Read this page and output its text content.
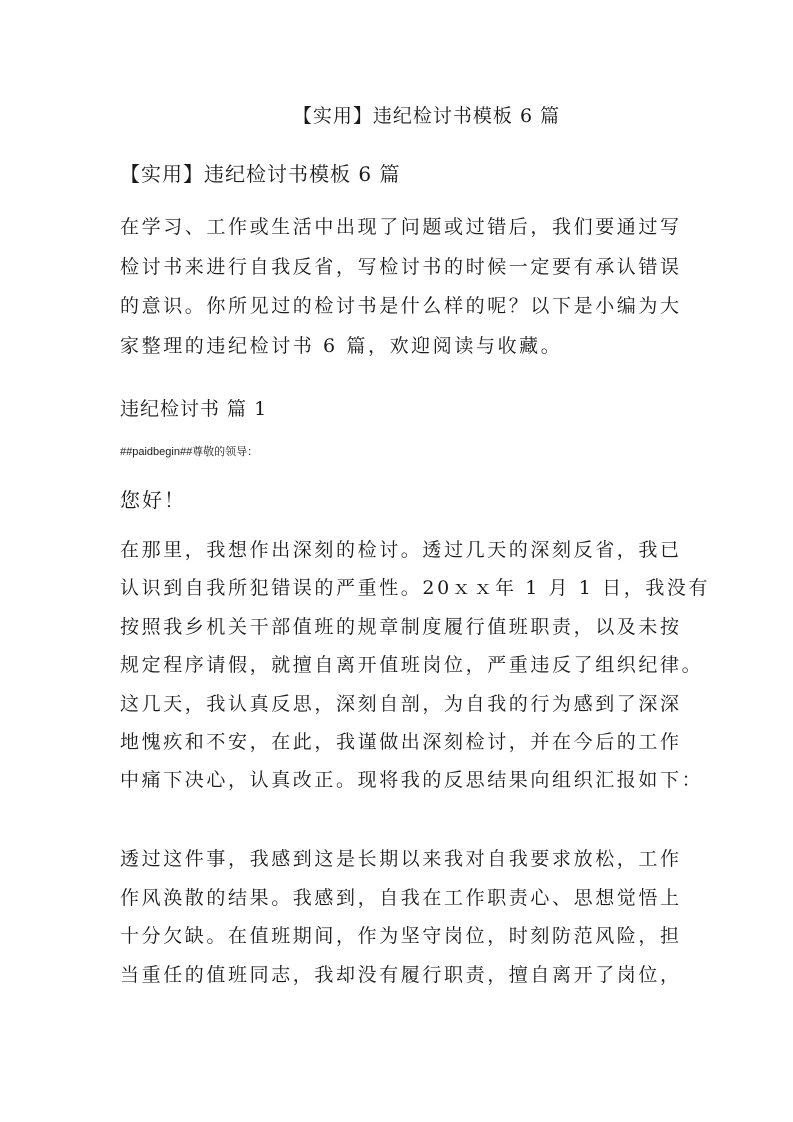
【实用】违纪检讨书模板 6 篇
【实用】违纪检讨书模板 6 篇
在学习、工作或生活中出现了问题或过错后，我们要通过写
检讨书来进行自我反省，写检讨书的时候一定要有承认错误
的意识。你所见过的检讨书是什么样的呢？以下是小编为大
家整理的违纪检讨书 6 篇，欢迎阅读与收藏。
违纪检讨书 篇 1
##paidbegin##尊敬的领导：
您好！
在那里，我想作出深刻的检讨。透过几天的深刻反省，我已
认识到自我所犯错误的严重性。20ｘｘ年 1 月 1 日，我没有
按照我乡机关干部值班的规章制度履行值班职责，以及未按
规定程序请假，就擅自离开值班岗位，严重违反了组织纪律。
这几天，我认真反思，深刻自剖，为自我的行为感到了深深
地愧疚和不安，在此，我谨做出深刻检讨，并在今后的工作
中痛下决心，认真改正。现将我的反思结果向组织汇报如下：
透过这件事，我感到这是长期以来我对自我要求放松，工作
作风涣散的结果。我感到，自我在工作职责心、思想觉悟上
十分欠缺。在值班期间，作为坚守岗位，时刻防范风险，担
当重任的值班同志，我却没有履行职责，擅自离开了岗位，
